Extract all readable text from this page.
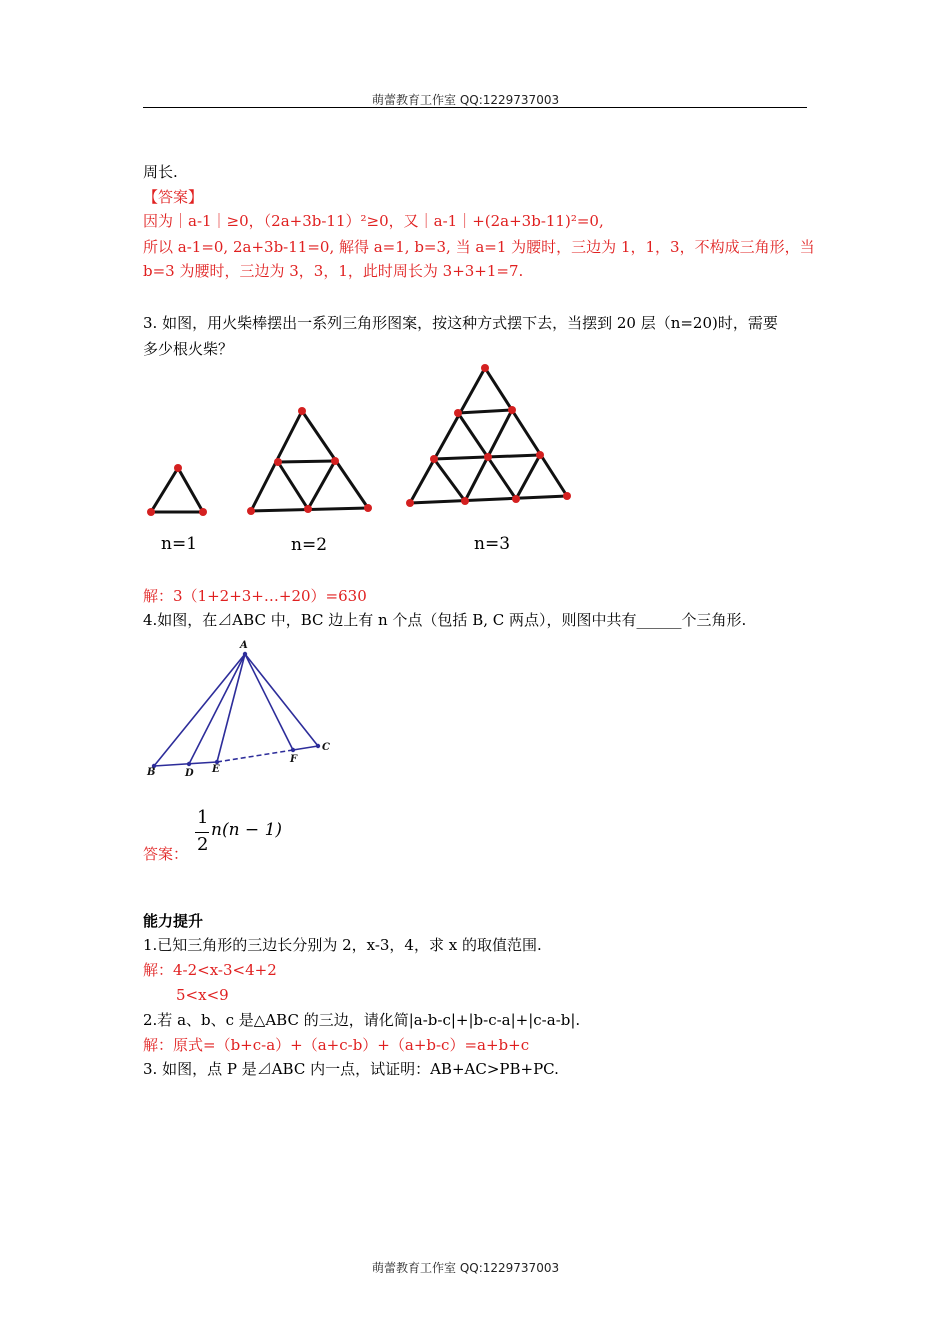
萌蕾教育工作室 QQ:1229737003
周长.
【答案】
因为｜a-1｜≥0，（2a+3b-11）²≥0，又｜a-1｜+(2a+3b-11)²=0,
所以 a-1=0, 2a+3b-11=0, 解得 a=1, b=3, 当 a=1 为腰时，三边为 1，1，3，不构成三角形，当
b=3 为腰时，三边为 3，3，1，此时周长为 3+3+1=7.
3. 如图，用火柴棒摆出一系列三角形图案，按这种方式摆下去，当摆到 20 层（n=20)时，需要
多少根火柴？
n=1	n=2	n=3
解：3（1+2+3+…+20）=630
4.如图，在⊿ABC 中，BC 边上有 n 个点（包括 B, C 两点），则图中共有______个三角形.
A
B	D E
F
C
答案：
1
2
n(n − 1)
能力提升
1.已知三角形的三边长分别为 2，x-3，4，求 x 的取值范围.
解：4-2<x-3<4+2
5<x<9
2.若 a、b、c 是△ABC 的三边，请化简|a-b-c|+|b-c-a|+|c-a-b|.
解：原式=（b+c-a）+（a+c-b）+（a+b-c）=a+b+c
3. 如图，点 P 是⊿ABC 内一点，试证明：AB+AC>PB+PC.
萌蕾教育工作室 QQ:1229737003
